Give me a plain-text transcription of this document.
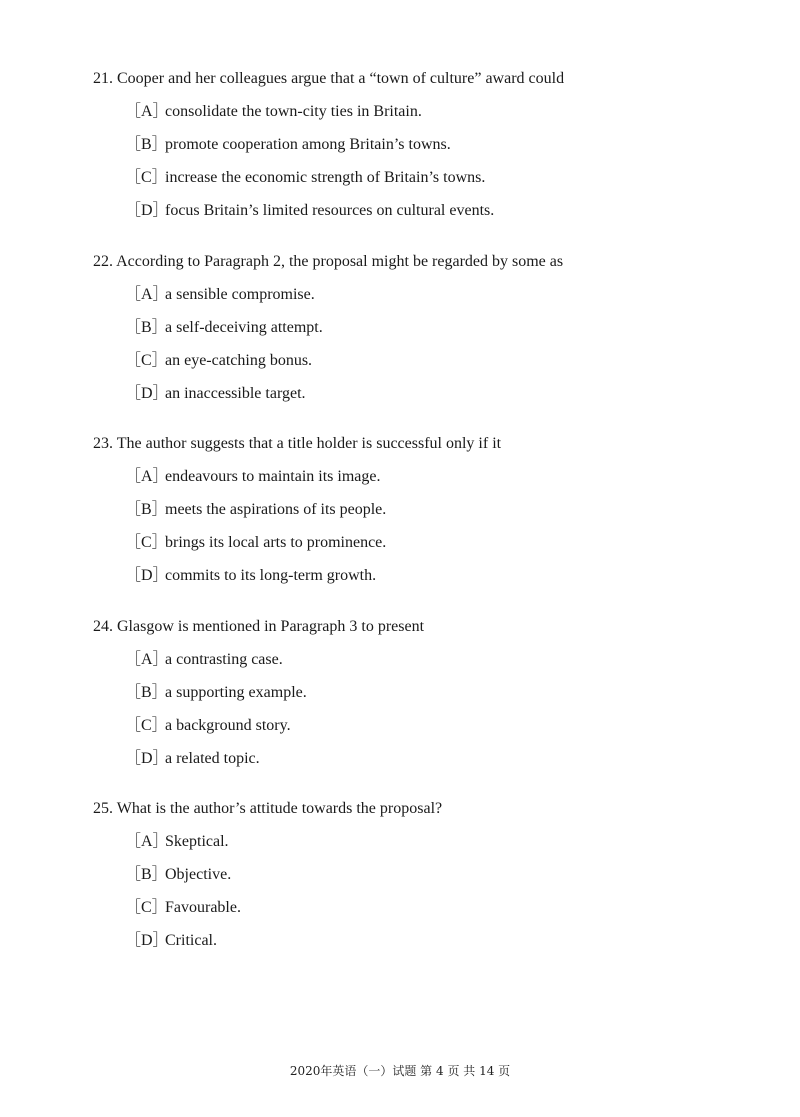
21. Cooper and her colleagues argue that a “town of culture” award could
［A］consolidate the town-city ties in Britain.
［B］promote cooperation among Britain’s towns.
［C］increase the economic strength of Britain’s towns.
［D］focus Britain’s limited resources on cultural events.
22. According to Paragraph 2, the proposal might be regarded by some as
［A］a sensible compromise.
［B］a self-deceiving attempt.
［C］an eye-catching bonus.
［D］an inaccessible target.
23. The author suggests that a title holder is successful only if it
［A］endeavours to maintain its image.
［B］meets the aspirations of its people.
［C］brings its local arts to prominence.
［D］commits to its long-term growth.
24. Glasgow is mentioned in Paragraph 3 to present
［A］a contrasting case.
［B］a supporting example.
［C］a background story.
［D］a related topic.
25. What is the author’s attitude towards the proposal?
［A］Skeptical.
［B］Objective.
［C］Favourable.
［D］Critical.
2020年英语（一）试题 第 4 页 共 14 页
